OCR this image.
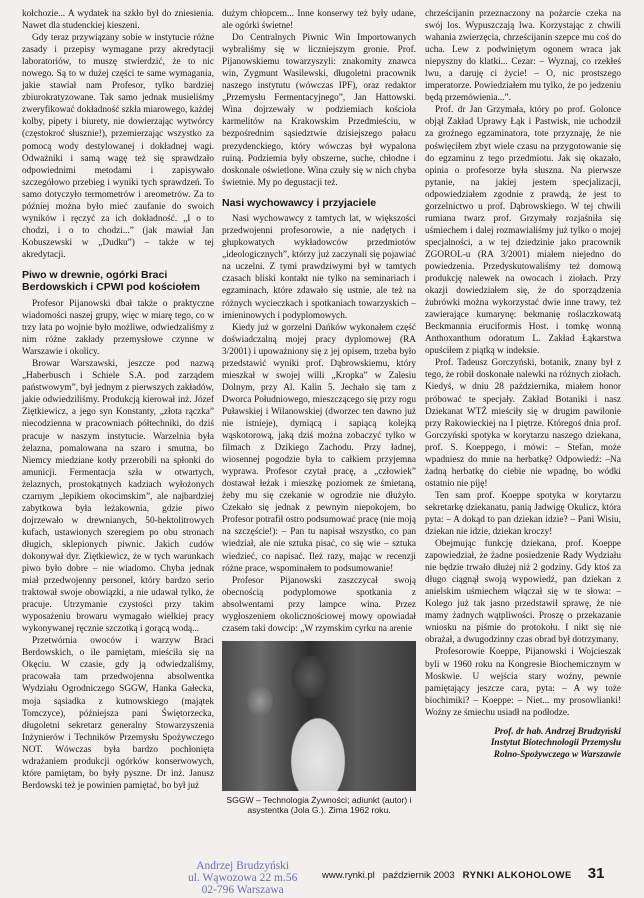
kołchozie... A wydatek na szkło był do zniesienia. Nawet dla studenckiej kieszeni.

Gdy teraz przywiązany sobie w instytucie różne zasady i przepisy wymagane przy akredytacji laboratoriów, to muszę stwierdzić, że to nic nowego. Są to w dużej części te same wymagania, jakie stawiał nam Profesor, tylko bardziej zbiurokratyzowane. Tak samo jednak musieliśmy zweryfikować dokładność szkła miarowego, każdej kolby, pipety i biurety, nie dowierzając wytwórcy (częstokroć słusznie!), przemierzając wszystko za pomocą wody destylowanej i dokładnej wagi. Odważniki i samą wagę też się sprawdzało odpowiednimi metodami i zapisywało szczegółowo przebieg i wyniki tych sprawdzeń. To samo dotyczyło termometrów i areometrów. Za to później można było mieć zaufanie do swoich wyników i ręczyć za ich dokładność. „I o to chodzi, i o to chodzi...” (jak mawiał Jan Kobuszewski w „Dudku”) – także w tej akredytacji.

Piwo w drewnie, ogórki Braci Berdowskich i CPWI pod kościołem

Profesor Pijanowski dbał także o praktyczne wiadomości naszej grupy, więc w miarę tego, co w trzy lata po wojnie było możliwe, odwiedzaliśmy z nim różne zakłady przemysłowe czynne w Warszawie i okolicy.

Browar Warszawski, jeszcze pod nazwą „Haberbusch i Schiele S.A. pod zarządem państwowym”, był jednym z pierwszych zakładów, jakie odwiedziliśmy. Produkcją kierował inż. Józef Ziętkiewicz, a jego syn Konstanty, „złota rączka” niecodzienna w pracowniach półtechniki, do dziś pracuje w naszym instytucie. Warzelnia była żelazna, pomalowana na szaro i smutna, bo Niemcy miedziane kotły przerobili na spłonki do amunicji. Fermentacja szła w otwartych, żelaznych, prostokątnych kadziach wyłożonych czarnym „lepikiem okocimskim”, ale najbardziej zabytkowa była leżakownia, gdzie piwo dojrzewało w drewnianych, 50-hektolitrowych kufach, ustawionych szeregiem po obu stronach długich, sklepionych piwnic. Jakich cudów dokonywał dyr. Ziętkiewicz, że w tych warunkach piwo było dobre – nie wiadomo. Chyba jednak miał przedwojenny personel, który bardzo serio traktował swoje obowiązki, a nie udawał tylko, że pracuje. Utrzymanie czystości przy takim wyposażeniu browaru wymagało wielkiej pracy wykonywanej ręcznie szczotką i gorącą wodą...

Przetwórnia owoców i warzyw Braci Berdowskich, o ile pamiętam, mieściła się na Okęciu. W czasie, gdy ją odwiedzaliśmy, pracowała tam przedwojenna absolwentka Wydziału Ogrodniczego SGGW, Hanka Gałecka, moja sąsiadka z kutnowskiego (majątek Tomczyce), późniejsza pani Świętorzecka, długoletni sekretarz generalny Stowarzyszenia Inżynierów i Techników Przemysłu Spożywczego NOT. Wówczas była bardzo pochłonięta wdrażaniem produkcji ogórków konserwowych, które pamiętam, bo były pyszne. Dr inż. Janusz Berdowski też je powinien pamiętać, bo był już

dużym chłopcem... Inne konserwy też były udane, ale ogórki świetne!

Do Centralnych Piwnic Win Importowanych wybraliśmy się w liczniejszym gronie. Prof. Pijanowskiemu towarzyszyli: znakomity znawca win, Zygmunt Wasilewski, długoletni pracownik naszego instytutu (wówczas IPF), oraz redaktor „Przemysłu Fermentacyjnego”, Jan Hattowski. Wina dojrzewały w podziemiach kościoła karmelitów na Krakowskim Przedmieściu, w bezpośrednim sąsiedztwie dzisiejszego pałacu prezydenckiego, który wówczas był wypalona ruiną. Podziemia były obszerne, suche, chłodne i doskonale oświetlone. Wina czuły się w nich chyba świetnie. My po degustacji też.

Nasi wychowawcy i przyjaciele

Nasi wychowawcy z tamtych lat, w większości przedwojenni profesorowie, a nie nadętych i głupkowatych wykładowców przedmiotów „ideologicznych”, którzy już zaczynali się pojawiać na uczelni. Z tymi prawdziwymi był w tamtych czasach bliski kontakt nie tylko na seminariach i egzaminach, które zdawało się ustnie, ale też na różnych wycieczkach i spotkaniach towarzyskich – imieninowych i podyplomowych.

Kiedy już w gorzelni Dańków wykonałem część doświadczalną mojej pracy dyplomowej (RA 3/2001) i upoważniony się z jej opisem, trzeba było przedstawić wyniki prof. Dąbrowskiemu, który mieszkał w swojej willi „Kropka” w Zalesiu Dolnym, przy Al. Kalin 5. Jechało się tam z Dworca Południowego, mieszczącego się przy rogu Puławskiej i Wilanowskiej (dworzec ten dawno już nie istnieje), dymiącą i sapiącą kolejką wąskotorową, jaką dziś można zobaczyć tylko w filmach z Dzikiego Zachodu. Przy ładnej, wiosennej pogodzie była to całkiem przyjemna wyprawa. Profesor czytał pracę, a „człowiek” dostawał łeżak i mieszkę poziomek ze śmietaną, żeby mu się czekanie w ogrodzie nie dłużyło. Czekało się jednak z pewnym niepokojem, bo Profesor potrafił ostro podsumować pracę (nie moją na szczęście!): – Pan tu napisał wszystko, co pan wiedział, ale nie sztuka pisać, co się wie – sztuka wiedzieć, co napisać. Ileż razy, mając w recenzji różne prace, wspominałem to podsumowanie!

Profesor Pijanowski zaszczycał swoją obecnością podyplomowe spotkania z absolwentami przy lampce wina. Przez wygłoszeniem okolicznościowej mowy opowiadał czasem taki dowcip: „W rzymskim cyrku na arenie

SGGW – Technologia Żywności; adiunkt (autor) i asystentka (Jola G.). Zima 1962 roku.

chrześcijanin przeznaczony na pożarcie czeka na swój los. Wypuszczają lwa. Korzystając z chwili wahania zwierzęcia, chrześcijanin szepce mu coś do ucha. Lew z podwiniętym ogonem wraca jak niepyszny do klatki... Cezar: – Wyznaj, co rzekłeś lwu, a daruję ci życie! – O, nic prostszego imperatorze. Powiedziałem mu tylko, że po jedzeniu będą przemówienia...”.

Prof. dr Jan Grzymała, który po prof. Golonce objął Zakład Uprawy Łąk i Pastwisk, nie uchodził za groźnego egzaminatora, tote przyznaję, że nie poświęciłem zbyt wiele czasu na przygotowanie się do egzaminu z tego przedmiotu. Jak się okazało, opinia o profesorze była słuszna. Na pierwsze pytanie, na jakiej jestem specjalizacji, odpowiedziałem zgodnie z prawdą, że jest to gorzelnictwo u prof. Dąbrowskiego. W tej chwili rumiana twarz prof. Grzymały rozjaśniła się uśmiechem i dalej rozmawialiśmy już tylko o mojej specjalności, a w tej dziedzinie jako pracownik ZGOROL-u (RA 3/2001) miałem niejedno do powiedzenia. Przedyskutowaliśmy też domową produkcję nalewek na owocach i ziołach. Przy okazji dowiedziałem się, że do sporządzenia żubrówki można wykorzystać dwie inne trawy, też zawierające kumarynę: bekmanię roślaczkowatą Beckmannia eruciformis Host. i tomkę wonną Anthoxanthum odoratum L. Zakład Łąkarstwa opuściłem z piątką w indeksie.

Prof. Tadeusz Gorczyński, botanik, znany był z tego, że robił doskonałe nalewki na różnych ziołach. Kiedyś, w dniu 28 października, miałem honor próbować te specjały. Zakład Botaniki i nasz Dziekanat WTŻ mieściły się w drugim pawilonie przy Rakowieckiej na I piętrze. Któregoś dnia prof. Gorczyński spotyka w korytarzu naszego dziekana, prof. S. Koeppego, i mówi: – Stefan, może wpadniesz do mnie na herbatkę? Odpowiedź: –Na żadną herbatkę do ciebie nie wpadnę, bo wódki ostatnio nie piję!

Ten sam prof. Koeppe spotyka w korytarzu sekretarkę dziekanatu, panią Jadwigę Okulicz, która pyta: – A dokąd to pan dziekan idzie? – Pani Wisiu, dziekan nie idzie, dziekan kroczy!

Obejmując funkcję dziekana, prof. Koeppe zapowiedział, że żadne posiedzenie Rady Wydziału nie będzie trwało dłużej niż 2 godziny. Gdy ktoś za długo ciągnął swoją wypowiedź, pan dziekan z anielskim uśmiechem włączał się w te słowa: – Kolego już tak jasno przedstawił sprawę, że nie mamy żadnych wątpliwości. Proszę o przekazanie wniosku na piśmie do protokołu. I nikt się nie obrażał, a dwugodzinny czas obrad był dotrzymany.

Profesorowie Koeppe, Pijanowski i Wojcieszak byli w 1960 roku na Kongresie Biochemicznym w Moskwie. U wejścia stary woźny, pewnie pamiętający jeszcze cara, pyta: – A wy toże biochimiki? – Koeppe: – Niet... my prosowlianki! Woźny ze śmiechu usiadł na podłodze.

Prof. dr hab. Andrzej Brudzyński
Instytut Biotechnologii Przemysłu
Rolno-Spożywczego w Warszawie
Andrzej Brudzyński
ul. Wąwozowa 22 m.56
02-796 Warszawa
www.rynki.pl październik 2003 RYNKI ALKOHOLOWE 31
